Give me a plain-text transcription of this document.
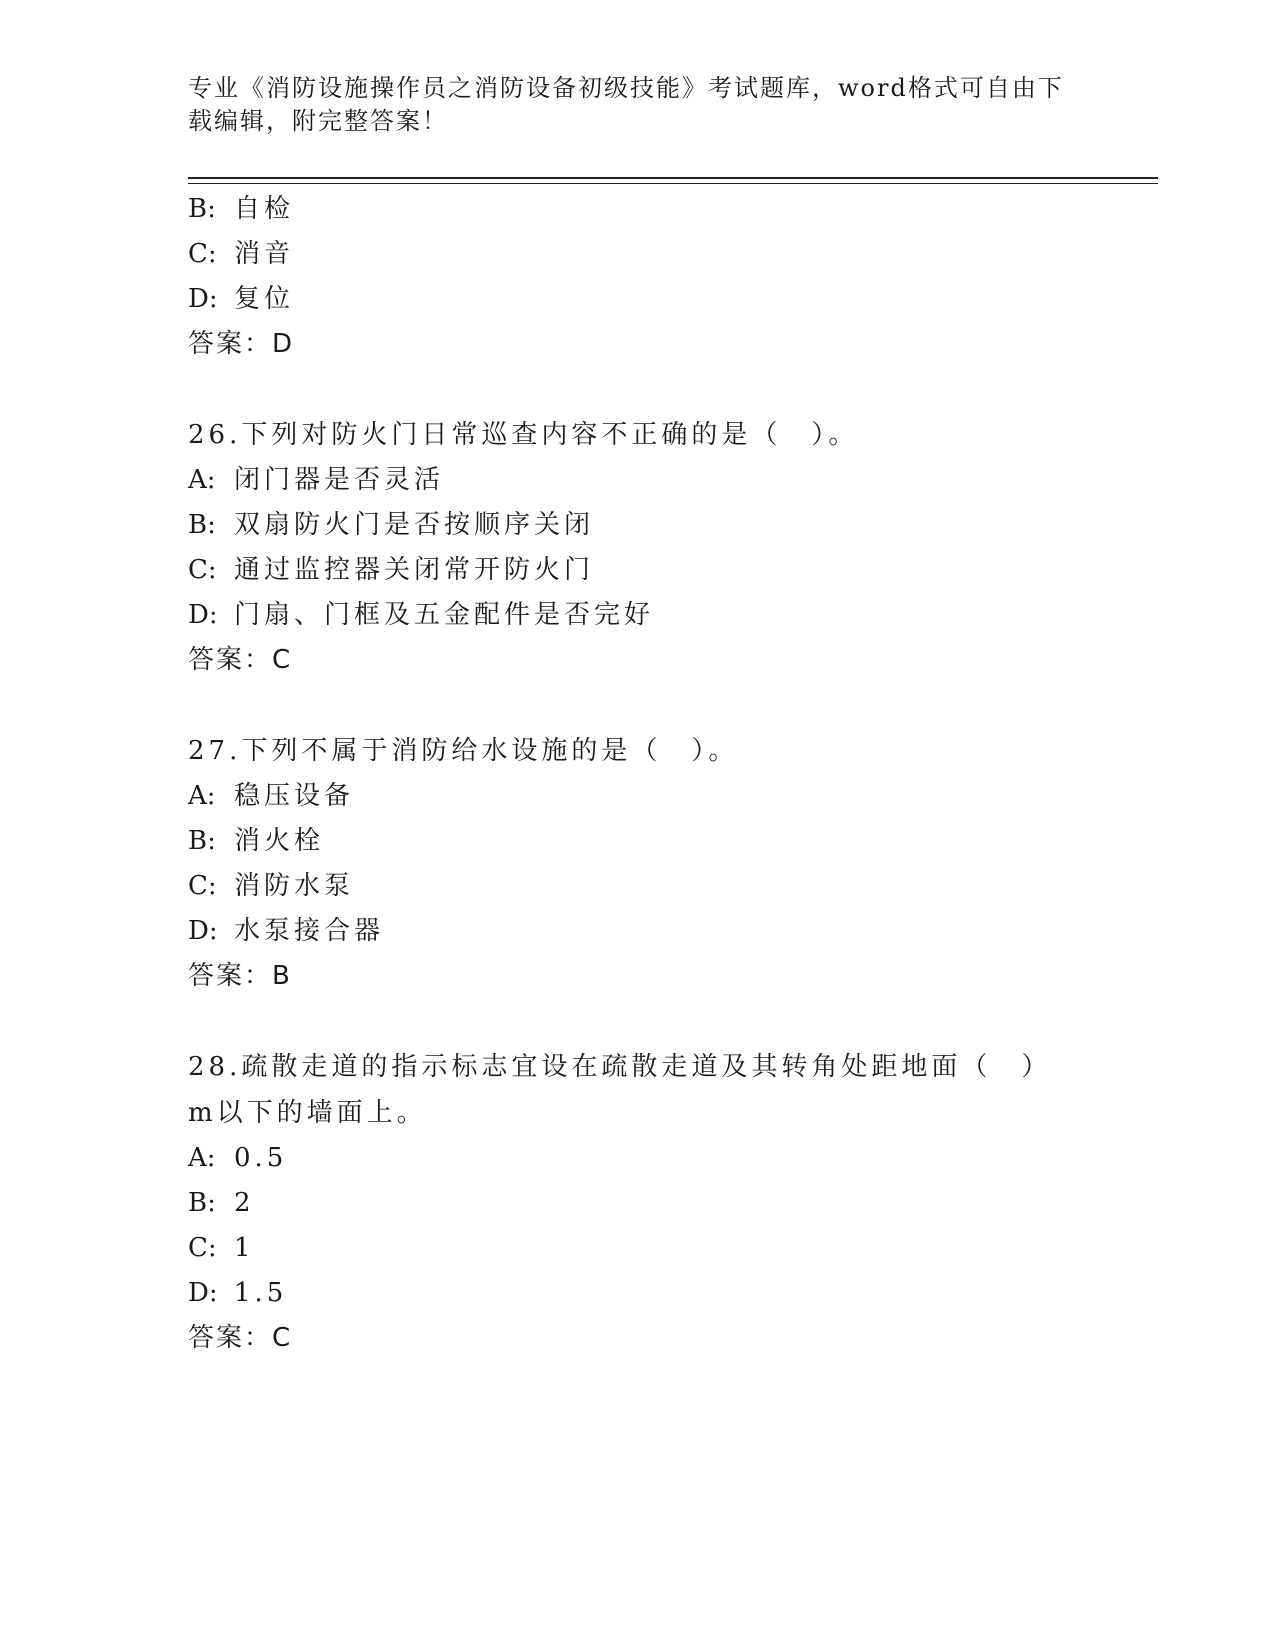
专业《消防设施操作员之消防设备初级技能》考试题库，word格式可自由下载编辑，附完整答案！
B: 自检
C: 消音
D: 复位
答案：D
26.下列对防火门日常巡查内容不正确的是（　）。
A: 闭门器是否灵活
B: 双扇防火门是否按顺序关闭
C: 通过监控器关闭常开防火门
D: 门扇、门框及五金配件是否完好
答案：C
27.下列不属于消防给水设施的是（　）。
A: 稳压设备
B: 消火栓
C: 消防水泵
D: 水泵接合器
答案：B
28.疏散走道的指示标志宜设在疏散走道及其转角处距地面（　）m以下的墙面上。
A: 0.5
B: 2
C: 1
D: 1.5
答案：C
